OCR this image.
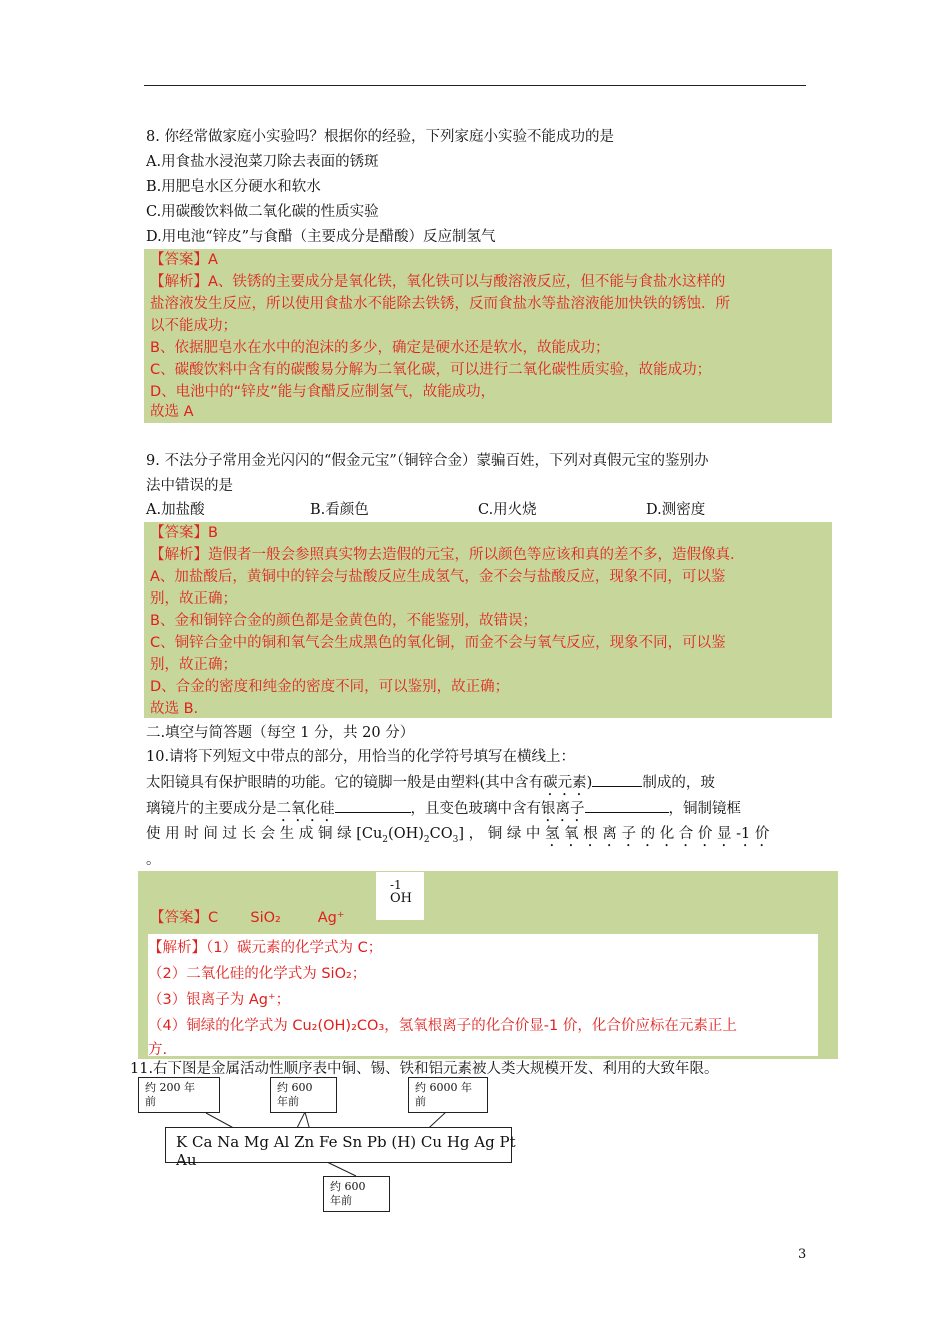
8. 你经常做家庭小实验吗？根据你的经验，下列家庭小实验不能成功的是
A.用食盐水浸泡菜刀除去表面的锈斑
B.用肥皂水区分硬水和软水
C.用碳酸饮料做二氧化碳的性质实验
D.用电池“锌皮”与食醋（主要成分是醋酸）反应制氢气
【答案】A
【解析】A、铁锈的主要成分是氧化铁，氧化铁可以与酸溶液反应，但不能与食盐水这样的
盐溶液发生反应，所以使用食盐水不能除去铁锈，反而食盐水等盐溶液能加快铁的锈蚀．所
以不能成功；
B、依据肥皂水在水中的泡沫的多少，确定是硬水还是软水，故能成功；
C、碳酸饮料中含有的碳酸易分解为二氧化碳，可以进行二氧化碳性质实验，故能成功；
D、电池中的“锌皮”能与食醋反应制氢气，故能成功，
故选 A
9. 不法分子常用金光闪闪的“假金元宝”（铜锌合金）蒙骗百姓，下列对真假元宝的鉴别办
法中错误的是
A.加盐酸	B.看颜色	C.用火烧	D.测密度
【答案】B
【解析】造假者一般会参照真实物去造假的元宝，所以颜色等应该和真的差不多，造假像真．
A、加盐酸后，黄铜中的锌会与盐酸反应生成氢气，金不会与盐酸反应，现象不同，可以鉴
别，故正确；
B、金和铜锌合金的颜色都是金黄色的，不能鉴别，故错误；
C、铜锌合金中的铜和氧气会生成黑色的氧化铜，而金不会与氧气反应，现象不同，可以鉴
别，故正确；
D、合金的密度和纯金的密度不同，可以鉴别，故正确；
故选 B.
二.填空与简答题（每空 1 分，共 20 分）
10.请将下列短文中带点的部分，用恰当的化学符号填写在横线上：
太阳镜具有保护眼睛的功能。它的镜脚一般是由塑料(其中含有碳元素)	制成的，玻
璃镜片的主要成分是二氧化硅	，且变色玻璃中含有银离子	，铜制镜框
使 用 时 间 过 长 会 生 成 铜 绿 $[Cu_2(OH)_2CO_3]$ ， 铜 绿 中 氢 氧 根 离 子 的 化 合 价 显 -1 价
。
-1
OH
【答案】C       SiO₂        Ag⁺
【解析】（1）碳元素的化学式为 C；
（2）二氧化硅的化学式为 SiO₂；
（3）银离子为 Ag⁺；
（4）铜绿的化学式为 Cu₂(OH)₂CO₃，氢氧根离子的化合价显-1 价，化合价应标在元素正上
方.
11.右下图是金属活动性顺序表中铜、锡、铁和铝元素被人类大规模开发、利用的大致年限。
约 200 年
前
约 600
年前
约 6000 年
前
K Ca Na Mg Al Zn Fe Sn Pb (H) Cu Hg Ag Pt
Au
约 600
年前
3
